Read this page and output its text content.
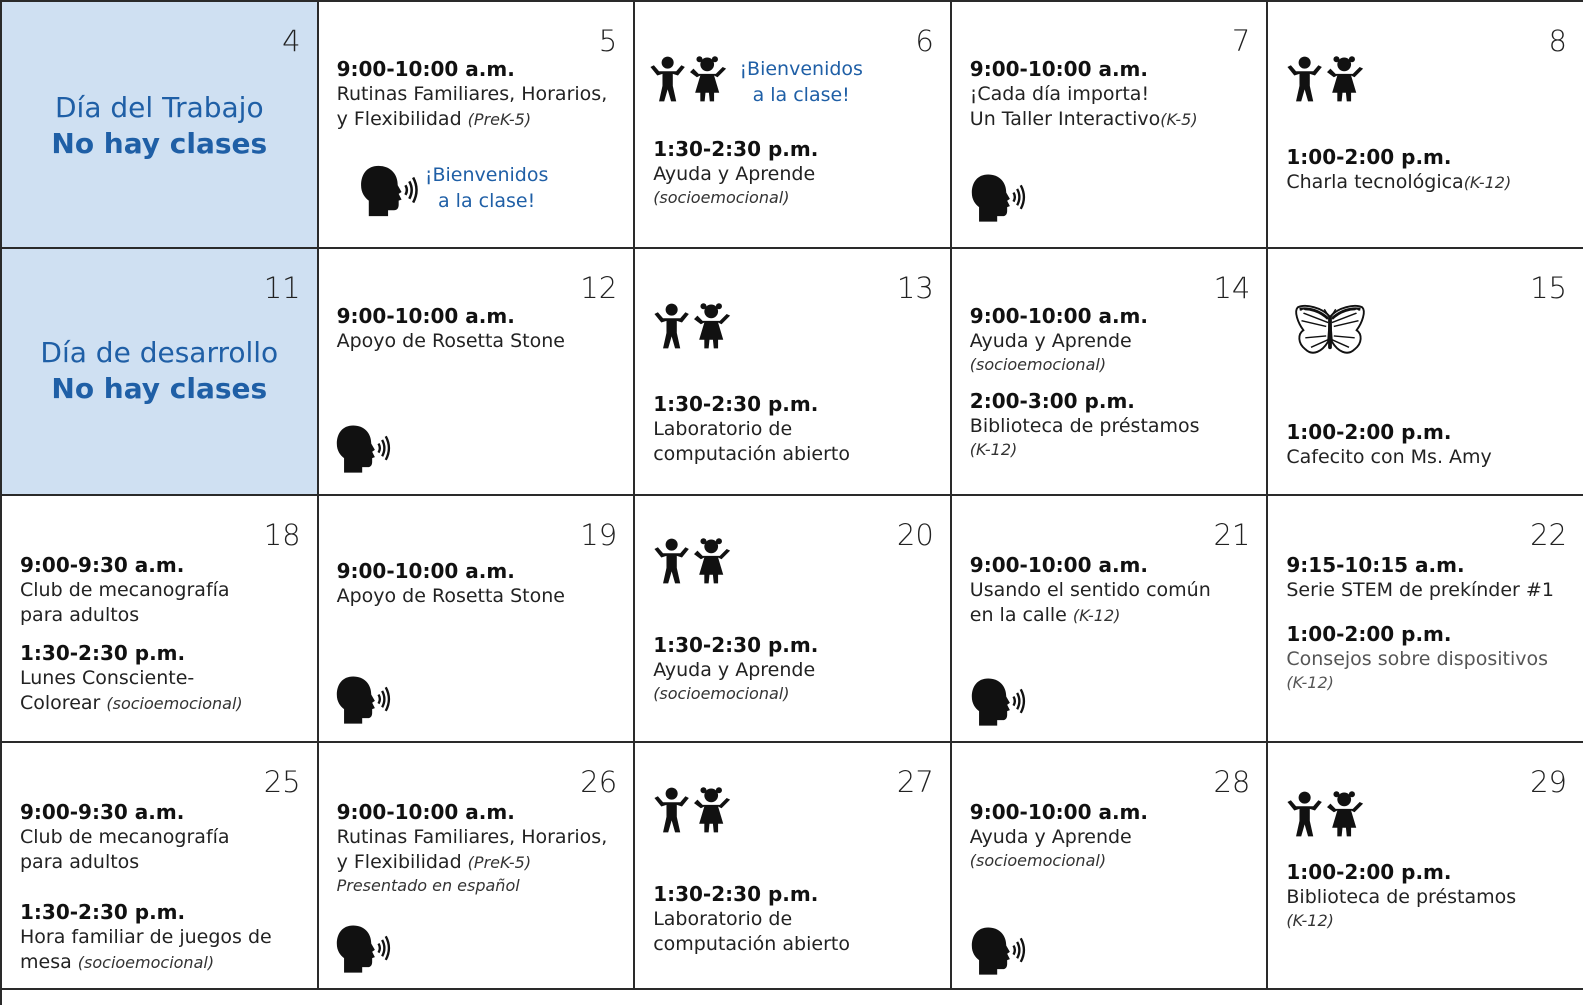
4
Día del Trabajo
No hay clases
5
9:00-10:00 a.m.
Rutinas Familiares, Horarios,
y Flexibilidad (PreK-5)
¡Bienvenidos
a la clase!
6
¡Bienvenidos
a la clase!
1:30-2:30 p.m.
Ayuda y Aprende
(socioemocional)
7
9:00-10:00 a.m.
¡Cada día importa!
Un Taller Interactivo(K-5)
8
1:00-2:00 p.m.
Charla tecnológica(K-12)
11
Día de desarrollo
No hay clases
12
9:00-10:00 a.m.
Apoyo de Rosetta Stone
13
1:30-2:30 p.m.
Laboratorio de
computación abierto
14
9:00-10:00 a.m.
Ayuda y Aprende
(socioemocional)
2:00-3:00 p.m.
Biblioteca de préstamos
(K-12)
15
1:00-2:00 p.m.
Cafecito con Ms. Amy
18
9:00-9:30 a.m.
Club de mecanografía
para adultos
1:30-2:30 p.m.
Lunes Consciente-
Colorear (socioemocional)
19
9:00-10:00 a.m.
Apoyo de Rosetta Stone
20
1:30-2:30 p.m.
Ayuda y Aprende
(socioemocional)
21
9:00-10:00 a.m.
Usando el sentido común
en la calle (K-12)
22
9:15-10:15 a.m.
Serie STEM de prekínder #1
1:00-2:00 p.m.
Consejos sobre dispositivos
(K-12)
25
9:00-9:30 a.m.
Club de mecanografía
para adultos
1:30-2:30 p.m.
Hora familiar de juegos de
mesa (socioemocional)
26
9:00-10:00 a.m.
Rutinas Familiares, Horarios,
y Flexibilidad (PreK-5)
Presentado en español
27
1:30-2:30 p.m.
Laboratorio de
computación abierto
28
9:00-10:00 a.m.
Ayuda y Aprende
(socioemocional)
29
1:00-2:00 p.m.
Biblioteca de préstamos
(K-12)
